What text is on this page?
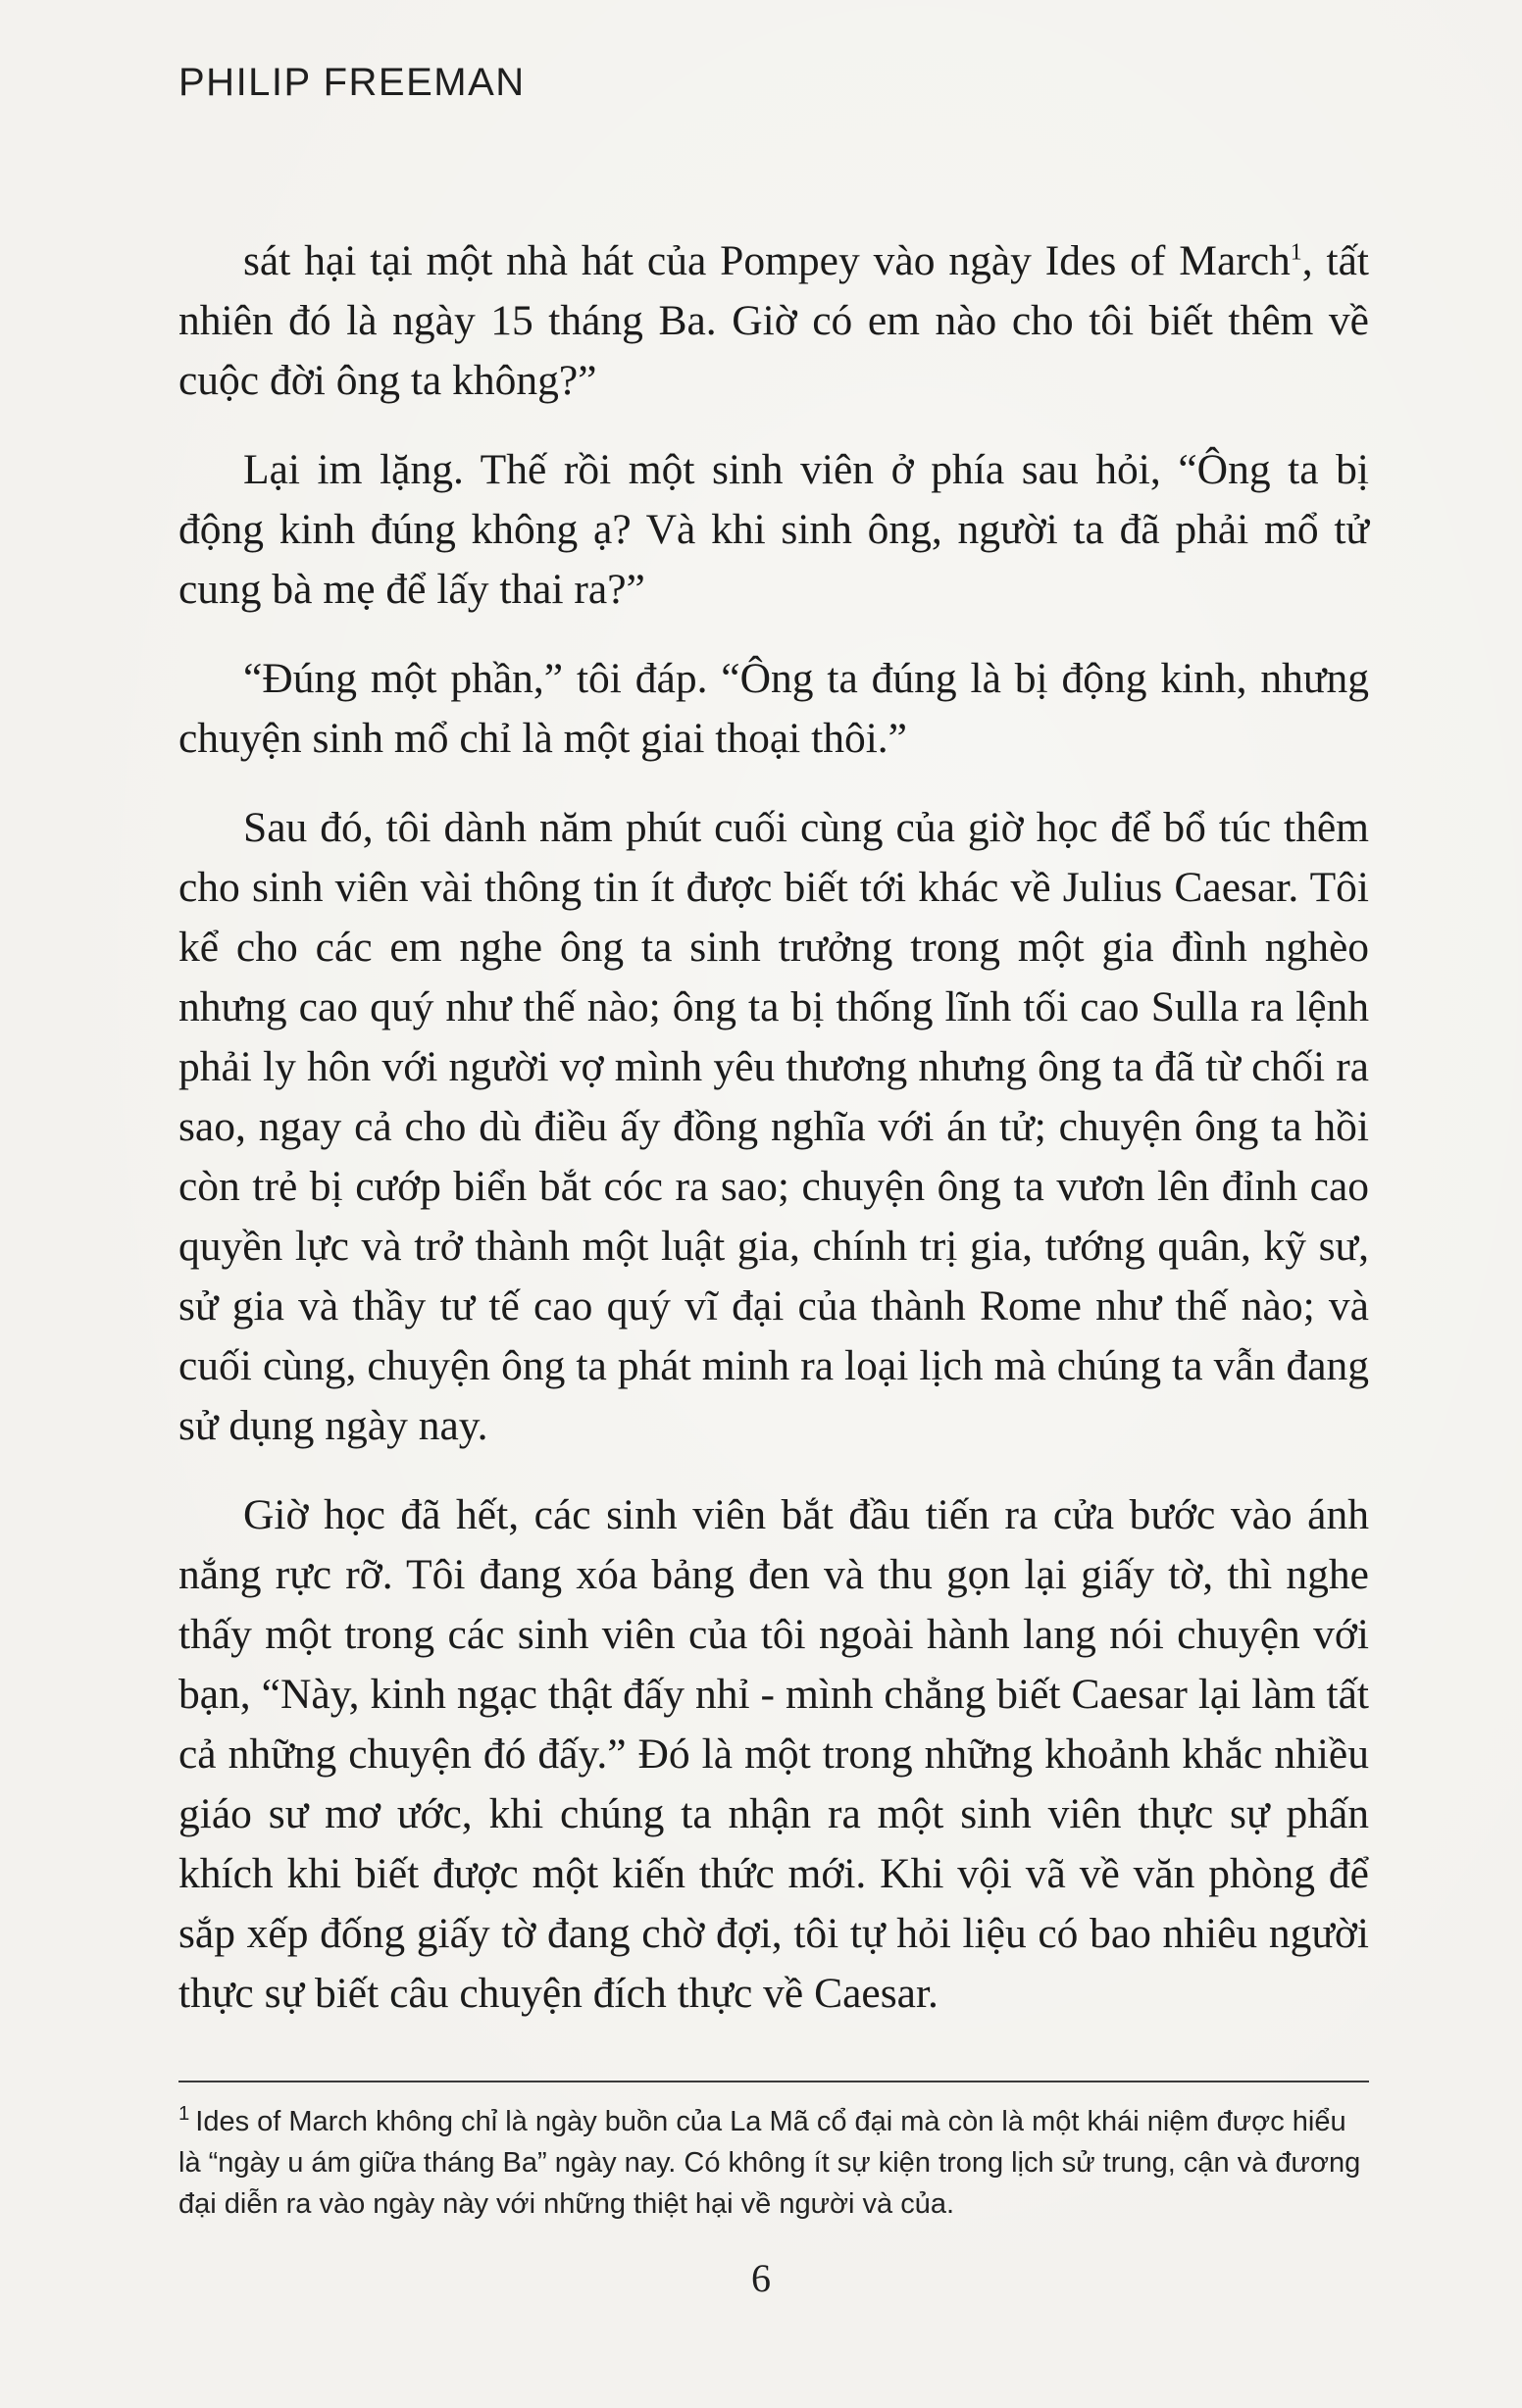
PHILIP FREEMAN

sát hại tại một nhà hát của Pompey vào ngày Ides of March$^1$, tất nhiên đó là ngày 15 tháng Ba. Giờ có em nào cho tôi biết thêm về cuộc đời ông ta không?”

Lại im lặng. Thế rồi một sinh viên ở phía sau hỏi, “Ông ta bị động kinh đúng không ạ? Và khi sinh ông, người ta đã phải mổ tử cung bà mẹ để lấy thai ra?”

“Đúng một phần,” tôi đáp. “Ông ta đúng là bị động kinh, nhưng chuyện sinh mổ chỉ là một giai thoại thôi.”

Sau đó, tôi dành năm phút cuối cùng của giờ học để bổ túc thêm cho sinh viên vài thông tin ít được biết tới khác về Julius Caesar. Tôi kể cho các em nghe ông ta sinh trưởng trong một gia đình nghèo nhưng cao quý như thế nào; ông ta bị thống lĩnh tối cao Sulla ra lệnh phải ly hôn với người vợ mình yêu thương nhưng ông ta đã từ chối ra sao, ngay cả cho dù điều ấy đồng nghĩa với án tử; chuyện ông ta hồi còn trẻ bị cướp biển bắt cóc ra sao; chuyện ông ta vươn lên đỉnh cao quyền lực và trở thành một luật gia, chính trị gia, tướng quân, kỹ sư, sử gia và thầy tư tế cao quý vĩ đại của thành Rome như thế nào; và cuối cùng, chuyện ông ta phát minh ra loại lịch mà chúng ta vẫn đang sử dụng ngày nay.

Giờ học đã hết, các sinh viên bắt đầu tiến ra cửa bước vào ánh nắng rực rỡ. Tôi đang xóa bảng đen và thu gọn lại giấy tờ, thì nghe thấy một trong các sinh viên của tôi ngoài hành lang nói chuyện với bạn, “Này, kinh ngạc thật đấy nhỉ - mình chẳng biết Caesar lại làm tất cả những chuyện đó đấy.” Đó là một trong những khoảnh khắc nhiều giáo sư mơ ước, khi chúng ta nhận ra một sinh viên thực sự phấn khích khi biết được một kiến thức mới. Khi vội vã về văn phòng để sắp xếp đống giấy tờ đang chờ đợi, tôi tự hỏi liệu có bao nhiêu người thực sự biết câu chuyện đích thực về Caesar.

$^1$ Ides of March không chỉ là ngày buồn của La Mã cổ đại mà còn là một khái niệm được hiểu là “ngày u ám giữa tháng Ba” ngày nay. Có không ít sự kiện trong lịch sử trung, cận và đương đại diễn ra vào ngày này với những thiệt hại về người và của.
6
